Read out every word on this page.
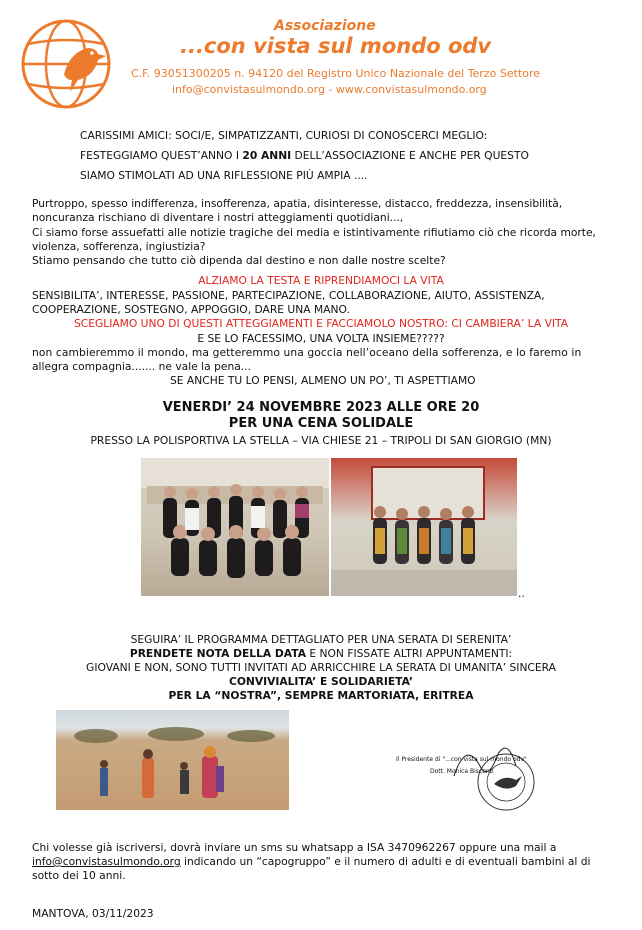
Associazione
...con vista sul mondo odv
C.F. 93051300205 n. 94120 del Registro Unico Nazionale del Terzo Settore
info@convistasulmondo.org - www.convistasulmondo.org
CARISSIMI AMICI: SOCI/E, SIMPATIZZANTI, CURIOSI DI CONOSCERCI MEGLIO:
FESTEGGIAMO QUEST’ANNO I 20 ANNI DELL’ASSOCIAZIONE E ANCHE PER QUESTO
SIAMO STIMOLATI AD UNA RIFLESSIONE PIÙ AMPIA ....
Purtroppo, spesso indifferenza, insofferenza, apatia, disinteresse, distacco, freddezza, insensibilità,
noncuranza rischiano di diventare i nostri atteggiamenti quotidiani...,
Ci siamo forse assuefatti alle notizie tragiche dei media e istintivamente rifiutiamo ciò che ricorda morte,
violenza, sofferenza, ingiustizia?
Stiamo pensando che tutto ciò dipenda dal destino e non dalle nostre scelte?
ALZIAMO LA TESTA E RIPRENDIAMOCI LA VITA
SENSIBILITA’, INTERESSE, PASSIONE, PARTECIPAZIONE, COLLABORAZIONE, AIUTO, ASSISTENZA,
COOPERAZIONE, SOSTEGNO, APPOGGIO, DARE UNA MANO.
SCEGLIAMO UNO DI QUESTI ATTEGGIAMENTI E FACCIAMOLO NOSTRO: CI CAMBIERA’ LA VITA
E SE LO FACESSIMO, UNA VOLTA INSIEME?????
non cambieremmo il mondo, ma getteremmo una goccia nell’oceano della sofferenza, e lo faremo in
allegra compagnia....... ne vale la pena...
SE ANCHE TU LO PENSI, ALMENO UN PO’, TI ASPETTIAMO
VENERDI’ 24 NOVEMBRE 2023 ALLE ORE 20
PER UNA CENA SOLIDALE
PRESSO LA POLISPORTIVA LA STELLA – VIA CHIESE 21 – TRIPOLI DI SAN GIORGIO (MN)
..
SEGUIRA’ IL PROGRAMMA DETTAGLIATO PER UNA SERATA DI SERENITA’
PRENDETE NOTA DELLA DATA E NON FISSATE ALTRI APPUNTAMENTI:
GIOVANI E NON, SONO TUTTI INVITATI AD ARRICCHIRE LA SERATA DI UMANITA’ SINCERA
CONVIVIALITA’ E SOLIDARIETA’
PER LA “NOSTRA”, SEMPRE MARTORIATA, ERITREA
Il Presidente di "...con vista sul mondo odv"
Dott. Monica Bisconti
Chi volesse già iscriversi, dovrà inviare un sms su whatsapp a ISA 3470962267 oppure una mail a
info@convistasulmondo.org indicando un “capogruppo” e il numero di adulti e di eventuali bambini al di
sotto dei 10 anni.
MANTOVA, 03/11/2023
